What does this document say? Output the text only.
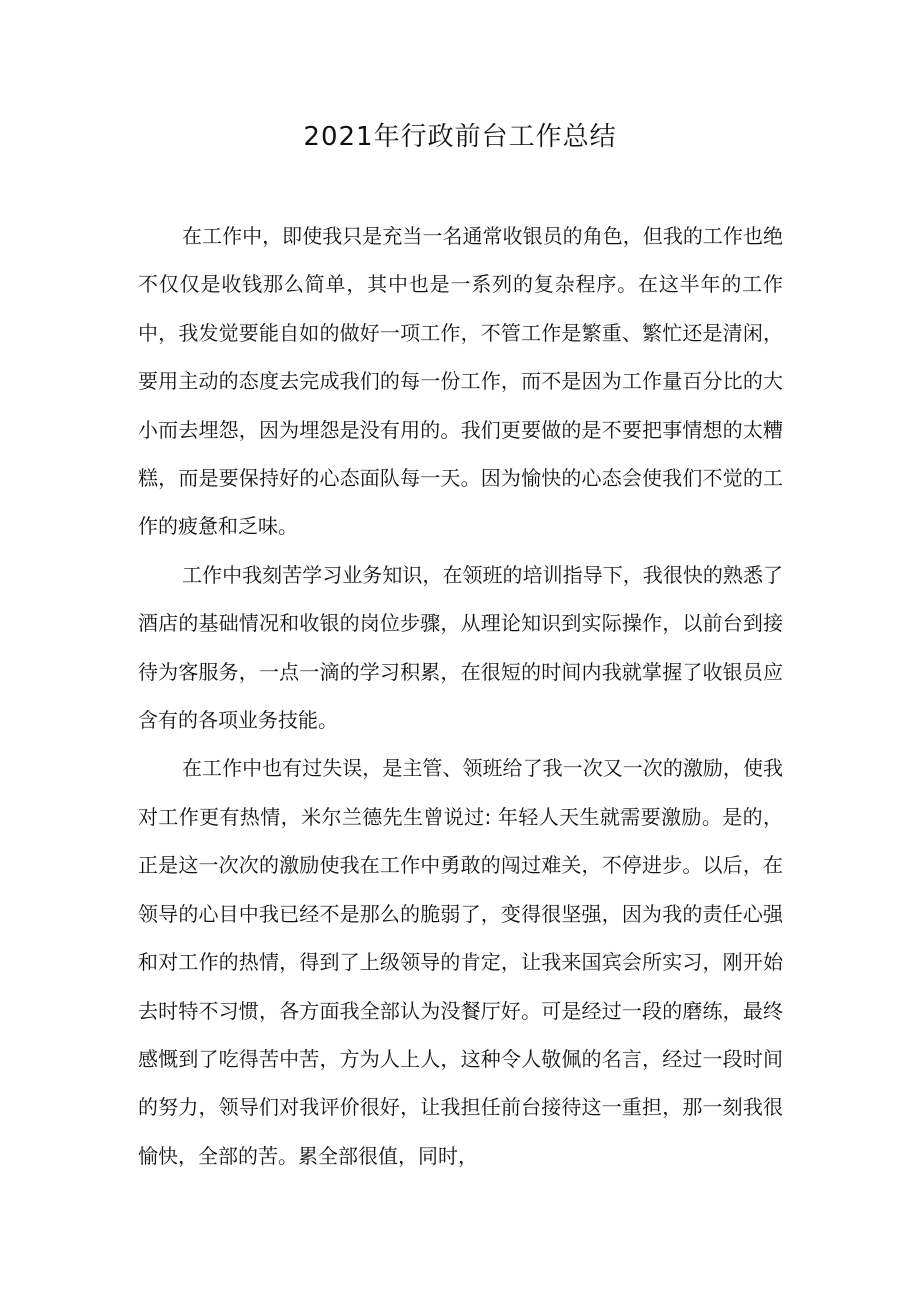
2021年行政前台工作总结

在工作中，即使我只是充当一名通常收银员的角色，但我的工作也绝不仅仅是收钱那么简单，其中也是一系列的复杂程序。在这半年的工作中，我发觉要能自如的做好一项工作，不管工作是繁重、繁忙还是清闲，要用主动的态度去完成我们的每一份工作，而不是因为工作量百分比的大小而去埋怨，因为埋怨是没有用的。我们更要做的是不要把事情想的太糟糕，而是要保持好的心态面队每一天。因为愉快的心态会使我们不觉的工作的疲惫和乏味。

工作中我刻苦学习业务知识，在领班的培训指导下，我很快的熟悉了酒店的基础情况和收银的岗位步骤，从理论知识到实际操作，以前台到接待为客服务，一点一滴的学习积累，在很短的时间内我就掌握了收银员应含有的各项业务技能。

在工作中也有过失误，是主管、领班给了我一次又一次的激励，使我对工作更有热情，米尔兰德先生曾说过: 年轻人天生就需要激励。是的，正是这一次次的激励使我在工作中勇敢的闯过难关，不停进步。以后，在领导的心目中我已经不是那么的脆弱了，变得很坚强，因为我的责任心强和对工作的热情，得到了上级领导的肯定，让我来国宾会所实习，刚开始去时特不习惯，各方面我全部认为没餐厅好。可是经过一段的磨练，最终感慨到了吃得苦中苦，方为人上人，这种令人敬佩的名言，经过一段时间的努力，领导们对我评价很好，让我担任前台接待这一重担，那一刻我很愉快，全部的苦。累全部很值，同时，
